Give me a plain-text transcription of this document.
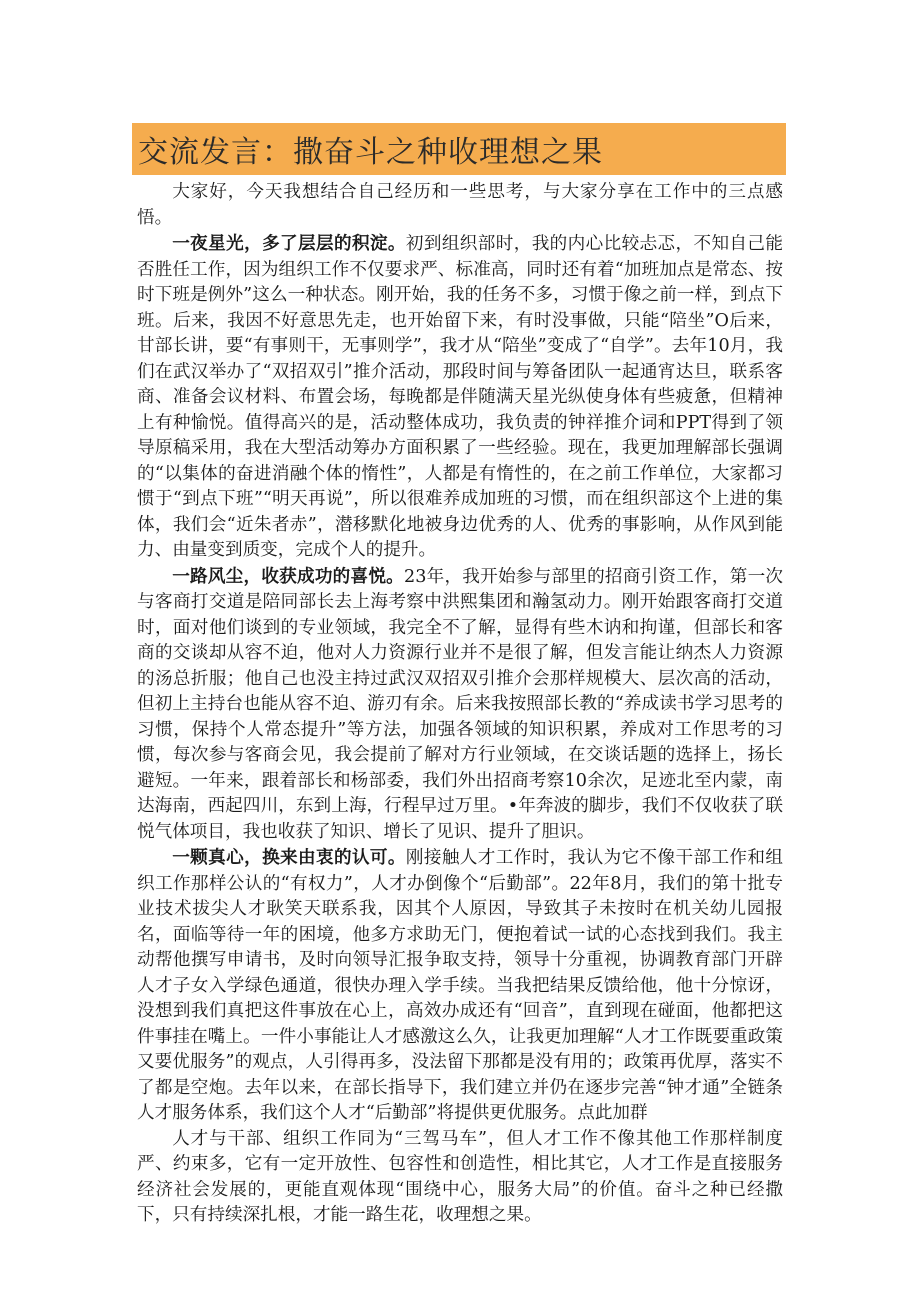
交流发言：撒奋斗之种收理想之果

大家好，今天我想结合自己经历和一些思考，与大家分享在工作中的三点感悟。

一夜星光，多了层层的积淀。初到组织部时，我的内心比较忐忑，不知自己能否胜任工作，因为组织工作不仅要求严、标准高，同时还有着“加班加点是常态、按时下班是例外”这么一种状态。刚开始，我的任务不多，习惯于像之前一样，到点下班。后来，我因不好意思先走，也开始留下来，有时没事做，只能“陪坐”O后来，甘部长讲，要“有事则干，无事则学”，我才从“陪坐”变成了“自学”。去年10月，我们在武汉举办了“双招双引”推介活动，那段时间与筹备团队一起通宵达旦，联系客商、准备会议材料、布置会场，每晚都是伴随满天星光纵使身体有些疲惫，但精神上有种愉悦。值得高兴的是，活动整体成功，我负责的钟祥推介词和PPT得到了领导原稿采用，我在大型活动筹办方面积累了一些经验。现在，我更加理解部长强调的“以集体的奋进消融个体的惰性”，人都是有惰性的，在之前工作单位，大家都习惯于“到点下班”“明天再说”，所以很难养成加班的习惯，而在组织部这个上进的集体，我们会“近朱者赤”，潜移默化地被身边优秀的人、优秀的事影响，从作风到能力、由量变到质变，完成个人的提升。

一路风尘，收获成功的喜悦。23年，我开始参与部里的招商引资工作，第一次与客商打交道是陪同部长去上海考察中洪熙集团和瀚氢动力。刚开始跟客商打交道时，面对他们谈到的专业领域，我完全不了解，显得有些木讷和拘谨，但部长和客商的交谈却从容不迫，他对人力资源行业并不是很了解，但发言能让纳杰人力资源的汤总折服；他自己也没主持过武汉双招双引推介会那样规模大、层次高的活动，但初上主持台也能从容不迫、游刃有余。后来我按照部长教的“养成读书学习思考的习惯，保持个人常态提升”等方法，加强各领域的知识积累，养成对工作思考的习惯，每次参与客商会见，我会提前了解对方行业领域，在交谈话题的选择上，扬长避短。一年来，跟着部长和杨部委，我们外出招商考察10余次，足迹北至内蒙，南达海南，西起四川，东到上海，行程早过万里。•年奔波的脚步，我们不仅收获了联悦气体项目，我也收获了知识、增长了见识、提升了胆识。

一颗真心，换来由衷的认可。刚接触人才工作时，我认为它不像干部工作和组织工作那样公认的“有权力”，人才办倒像个“后勤部”。22年8月，我们的第十批专业技术拔尖人才耿笑天联系我，因其个人原因，导致其子未按时在机关幼儿园报名，面临等待一年的困境，他多方求助无门，便抱着试一试的心态找到我们。我主动帮他撰写申请书，及时向领导汇报争取支持，领导十分重视，协调教育部门开辟人才子女入学绿色通道，很快办理入学手续。当我把结果反馈给他，他十分惊讶，没想到我们真把这件事放在心上，高效办成还有“回音”，直到现在碰面，他都把这件事挂在嘴上。一件小事能让人才感激这么久，让我更加理解“人才工作既要重政策又要优服务”的观点，人引得再多，没法留下那都是没有用的；政策再优厚，落实不了都是空炮。去年以来，在部长指导下，我们建立并仍在逐步完善“钟才通”全链条人才服务体系，我们这个人才“后勤部”将提供更优服务。点此加群

人才与干部、组织工作同为“三驾马车”，但人才工作不像其他工作那样制度严、约束多，它有一定开放性、包容性和创造性，相比其它，人才工作是直接服务经济社会发展的，更能直观体现“围绕中心，服务大局”的价值。奋斗之种已经撒下，只有持续深扎根，才能一路生花，收理想之果。
